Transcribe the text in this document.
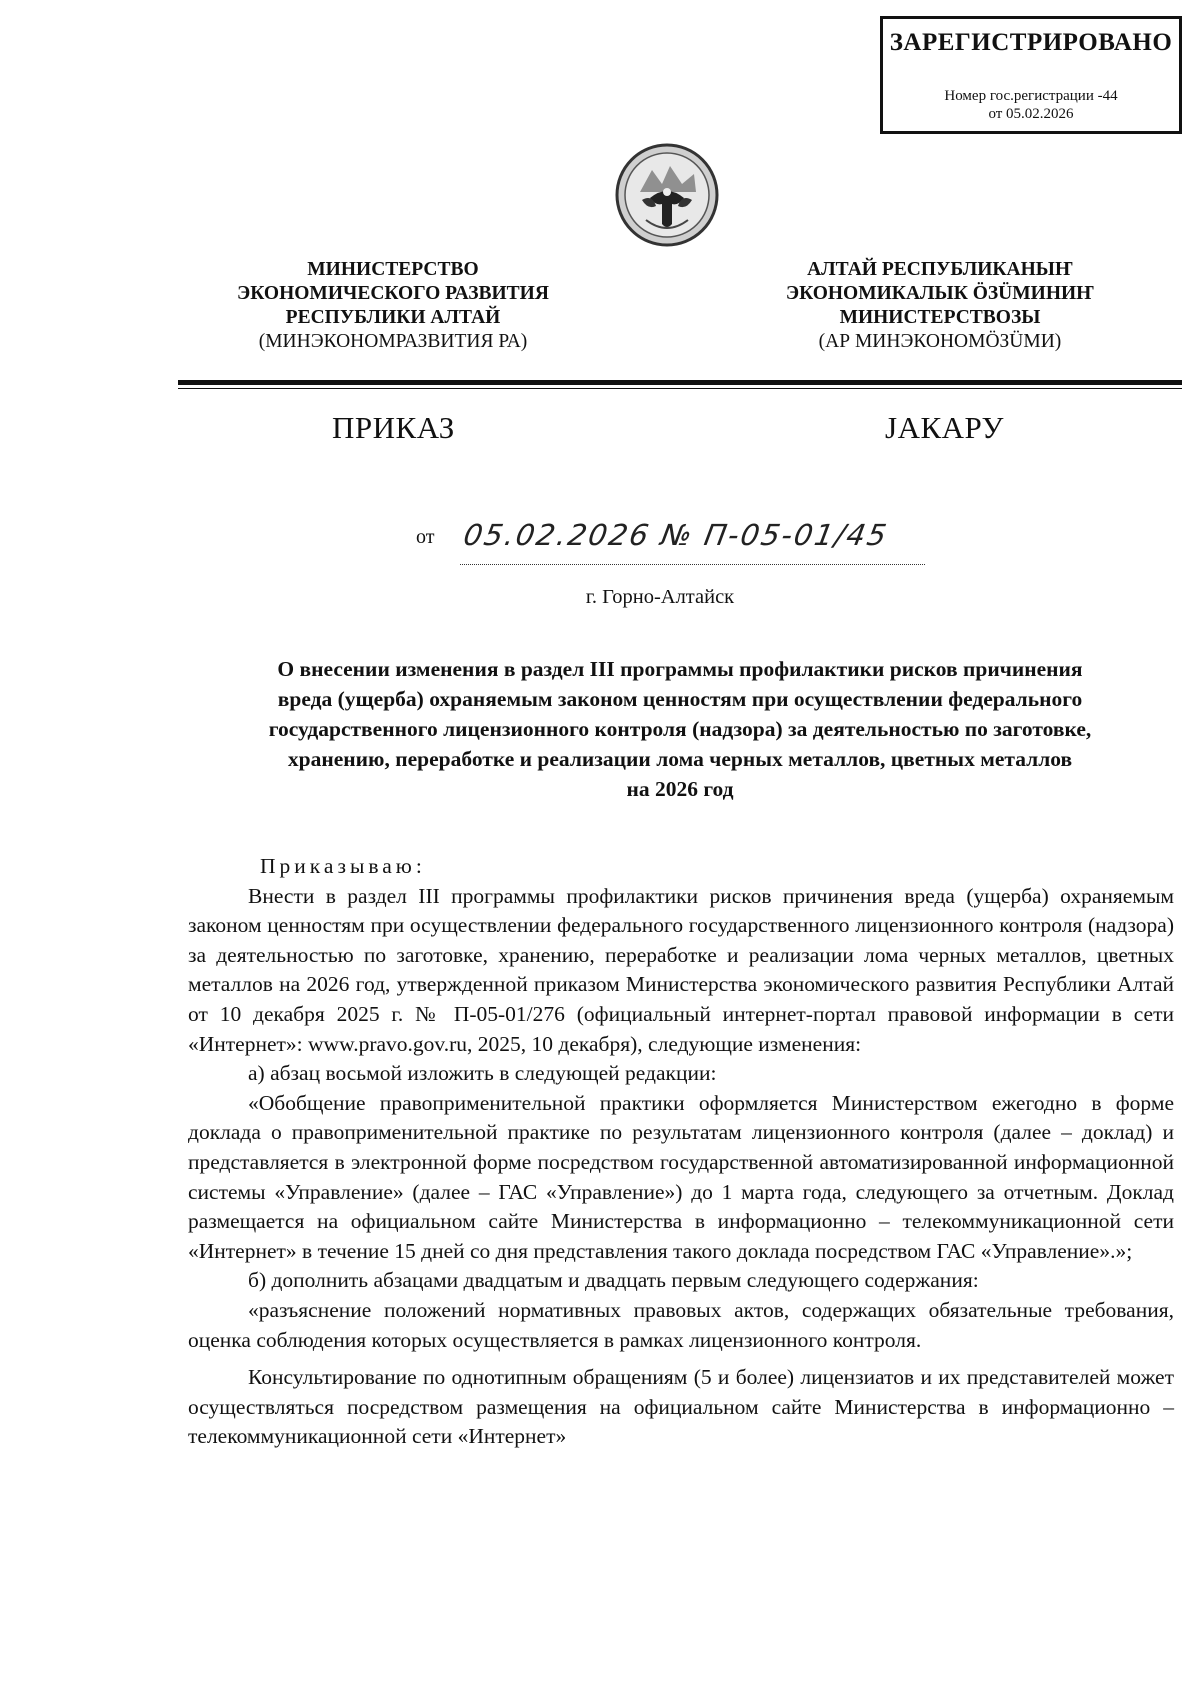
ЗАРЕГИСТРИРОВАНО
Номер гос.регистрации -44
от 05.02.2026
МИНИСТЕРСТВО
ЭКОНОМИЧЕСКОГО РАЗВИТИЯ
РЕСПУБЛИКИ АЛТАЙ
(МИНЭКОНОМРАЗВИТИЯ РА)
АЛТАЙ РЕСПУБЛИКАНЫҤ
ЭКОНОМИКАЛЫК ÖЗÜМИНИҤ
МИНИСТЕРСТВОЗЫ
(АР МИНЭКОНОМÖЗÜМИ)
ПРИКАЗ	ЈАКАРУ
от 05.02.2026 № П-05-01/45
г. Горно-Алтайск
О внесении изменения в раздел III программы профилактики рисков причинения
вреда (ущерба) охраняемым законом ценностям при осуществлении федерального
государственного лицензионного контроля (надзора) за деятельностью по заготовке,
хранению, переработке и реализации лома черных металлов, цветных металлов
на 2026 год

Приказываю:

Внести в раздел III программы профилактики рисков причинения вреда (ущерба) охраняемым законом ценностям при осуществлении федерального государственного лицензионного контроля (надзора) за деятельностью по заготовке, хранению, переработке и реализации лома черных металлов, цветных металлов на 2026 год, утвержденной приказом Министерства экономического развития Республики Алтай от 10 декабря 2025 г. № П-05-01/276 (официальный интернет-портал правовой информации в сети «Интернет»: www.pravo.gov.ru, 2025, 10 декабря), следующие изменения:

а) абзац восьмой изложить в следующей редакции:

«Обобщение правоприменительной практики оформляется Министерством ежегодно в форме доклада о правоприменительной практике по результатам лицензионного контроля (далее – доклад) и представляется в электронной форме посредством государственной автоматизированной информационной системы «Управление» (далее – ГАС «Управление») до 1 марта года, следующего за отчетным. Доклад размещается на официальном сайте Министерства в информационно – телекоммуникационной сети «Интернет» в течение 15 дней со дня представления такого доклада посредством ГАС «Управление».»;

б) дополнить абзацами двадцатым и двадцать первым следующего содержания:

«разъяснение положений нормативных правовых актов, содержащих обязательные требования, оценка соблюдения которых осуществляется в рамках лицензионного контроля.

Консультирование по однотипным обращениям (5 и более) лицензиатов и их представителей может осуществляться посредством размещения на официальном сайте Министерства в информационно – телекоммуникационной сети «Интернет»
